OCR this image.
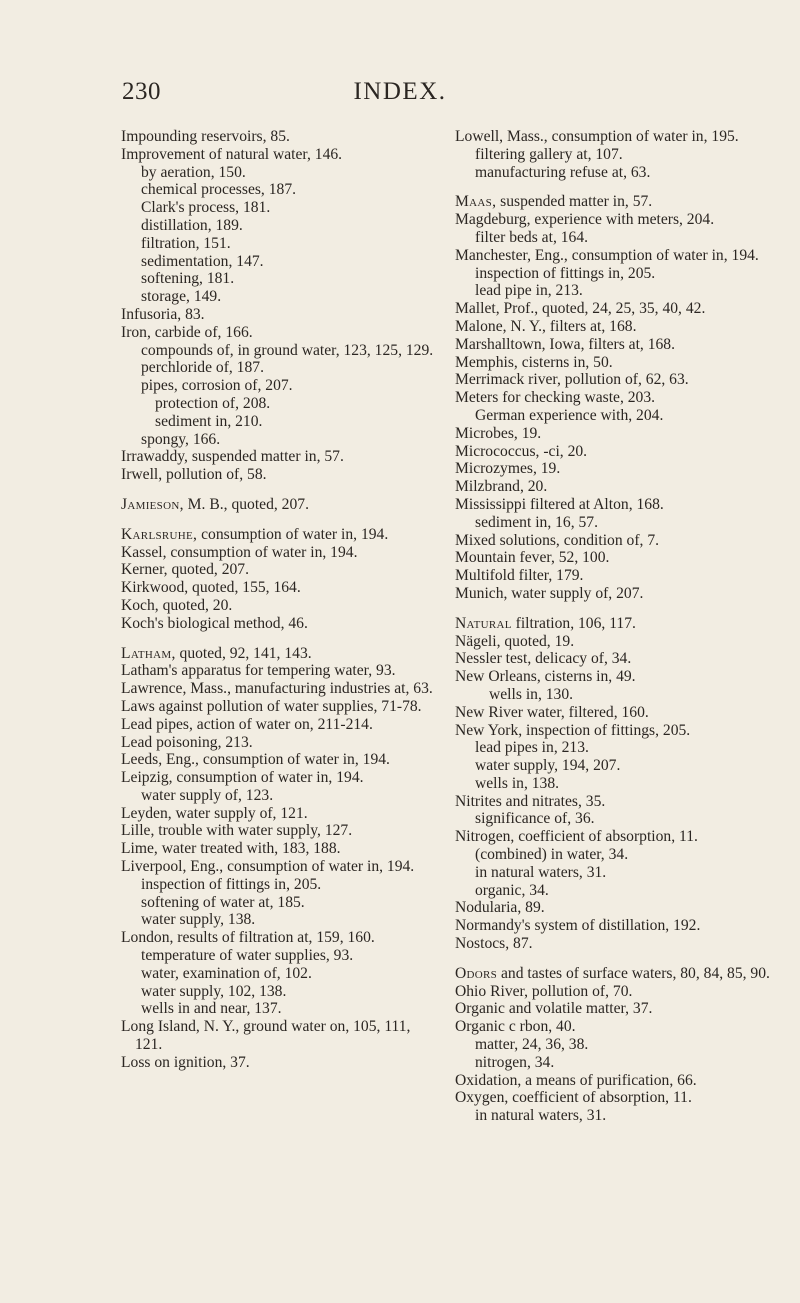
230	INDEX.

Impounding reservoirs, 85.

Improvement of natural water, 146.

by aeration, 150.

chemical processes, 187.

Clark's process, 181.

distillation, 189.

filtration, 151.

sedimentation, 147.

softening, 181.

storage, 149.

Infusoria, 83.

Iron, carbide of, 166.

compounds of, in ground water, 123, 125, 129.

perchloride of, 187.

pipes, corrosion of, 207.

protection of, 208.

sediment in, 210.

spongy, 166.

Irrawaddy, suspended matter in, 57.

Irwell, pollution of, 58.

Jamieson, M. B., quoted, 207.

Karlsruhe, consumption of water in, 194.

Kassel, consumption of water in, 194.

Kerner, quoted, 207.

Kirkwood, quoted, 155, 164.

Koch, quoted, 20.

Koch's biological method, 46.

Latham, quoted, 92, 141, 143.

Latham's apparatus for tempering water, 93.

Lawrence, Mass., manufacturing industries at, 63.

Laws against pollution of water supplies, 71-78.

Lead pipes, action of water on, 211-214.

Lead poisoning, 213.

Leeds, Eng., consumption of water in, 194.

Leipzig, consumption of water in, 194.

water supply of, 123.

Leyden, water supply of, 121.

Lille, trouble with water supply, 127.

Lime, water treated with, 183, 188.

Liverpool, Eng., consumption of water in, 194.

inspection of fittings in, 205.

softening of water at, 185.

water supply, 138.

London, results of filtration at, 159, 160.

temperature of water supplies, 93.

water, examination of, 102.

water supply, 102, 138.

wells in and near, 137.

Long Island, N. Y., ground water on, 105, 111, 121.

Loss on ignition, 37.

Lowell, Mass., consumption of water in, 195.

filtering gallery at, 107.

manufacturing refuse at, 63.

Maas, suspended matter in, 57.

Magdeburg, experience with meters, 204.

filter beds at, 164.

Manchester, Eng., consumption of water in, 194.

inspection of fittings in, 205.

lead pipe in, 213.

Mallet, Prof., quoted, 24, 25, 35, 40, 42.

Malone, N. Y., filters at, 168.

Marshalltown, Iowa, filters at, 168.

Memphis, cisterns in, 50.

Merrimack river, pollution of, 62, 63.

Meters for checking waste, 203.

German experience with, 204.

Microbes, 19.

Micrococcus, -ci, 20.

Microzymes, 19.

Milzbrand, 20.

Mississippi filtered at Alton, 168.

sediment in, 16, 57.

Mixed solutions, condition of, 7.

Mountain fever, 52, 100.

Multifold filter, 179.

Munich, water supply of, 207.

Natural filtration, 106, 117.

Nägeli, quoted, 19.

Nessler test, delicacy of, 34.

New Orleans, cisterns in, 49.

wells in, 130.

New River water, filtered, 160.

New York, inspection of fittings, 205.

lead pipes in, 213.

water supply, 194, 207.

wells in, 138.

Nitrites and nitrates, 35.

significance of, 36.

Nitrogen, coefficient of absorption, 11.

(combined) in water, 34.

in natural waters, 31.

organic, 34.

Nodularia, 89.

Normandy's system of distillation, 192.

Nostocs, 87.

Odors and tastes of surface waters, 80, 84, 85, 90.

Ohio River, pollution of, 70.

Organic and volatile matter, 37.

Organic c rbon, 40.

matter, 24, 36, 38.

nitrogen, 34.

Oxidation, a means of purification, 66.

Oxygen, coefficient of absorption, 11.

in natural waters, 31.
